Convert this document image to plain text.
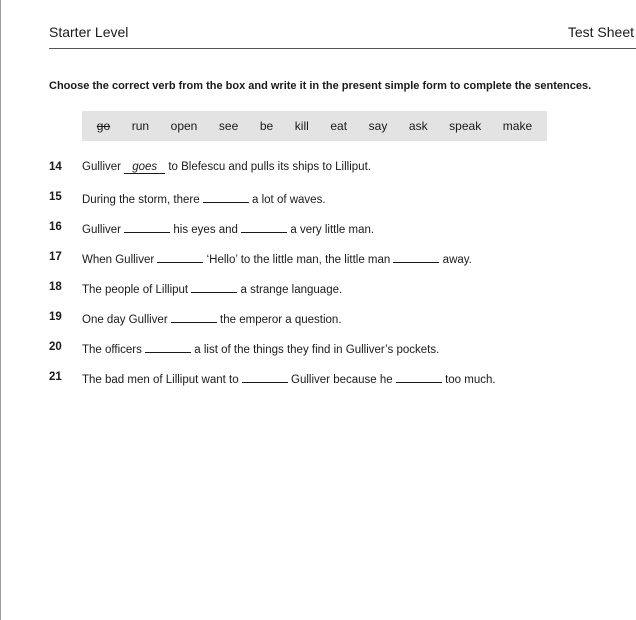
Starter Level	Test Sheet
Choose the correct verb from the box and write it in the present simple form to complete the sentences.
go run open see be kill eat say ask speak make
14 Gulliver goes to Blefescu and pulls its ships to Lilliput.
15 During the storm, there	a lot of waves.
16 Gulliver	his eyes and	a very little man.
17 When Gulliver	‘Hello’ to the little man, the little man	away.
18 The people of Lilliput	a strange language.
19 One day Gulliver	the emperor a question.
20 The officers	a list of the things they find in Gulliver’s pockets.
21 The bad men of Lilliput want to	Gulliver because he	too much.
